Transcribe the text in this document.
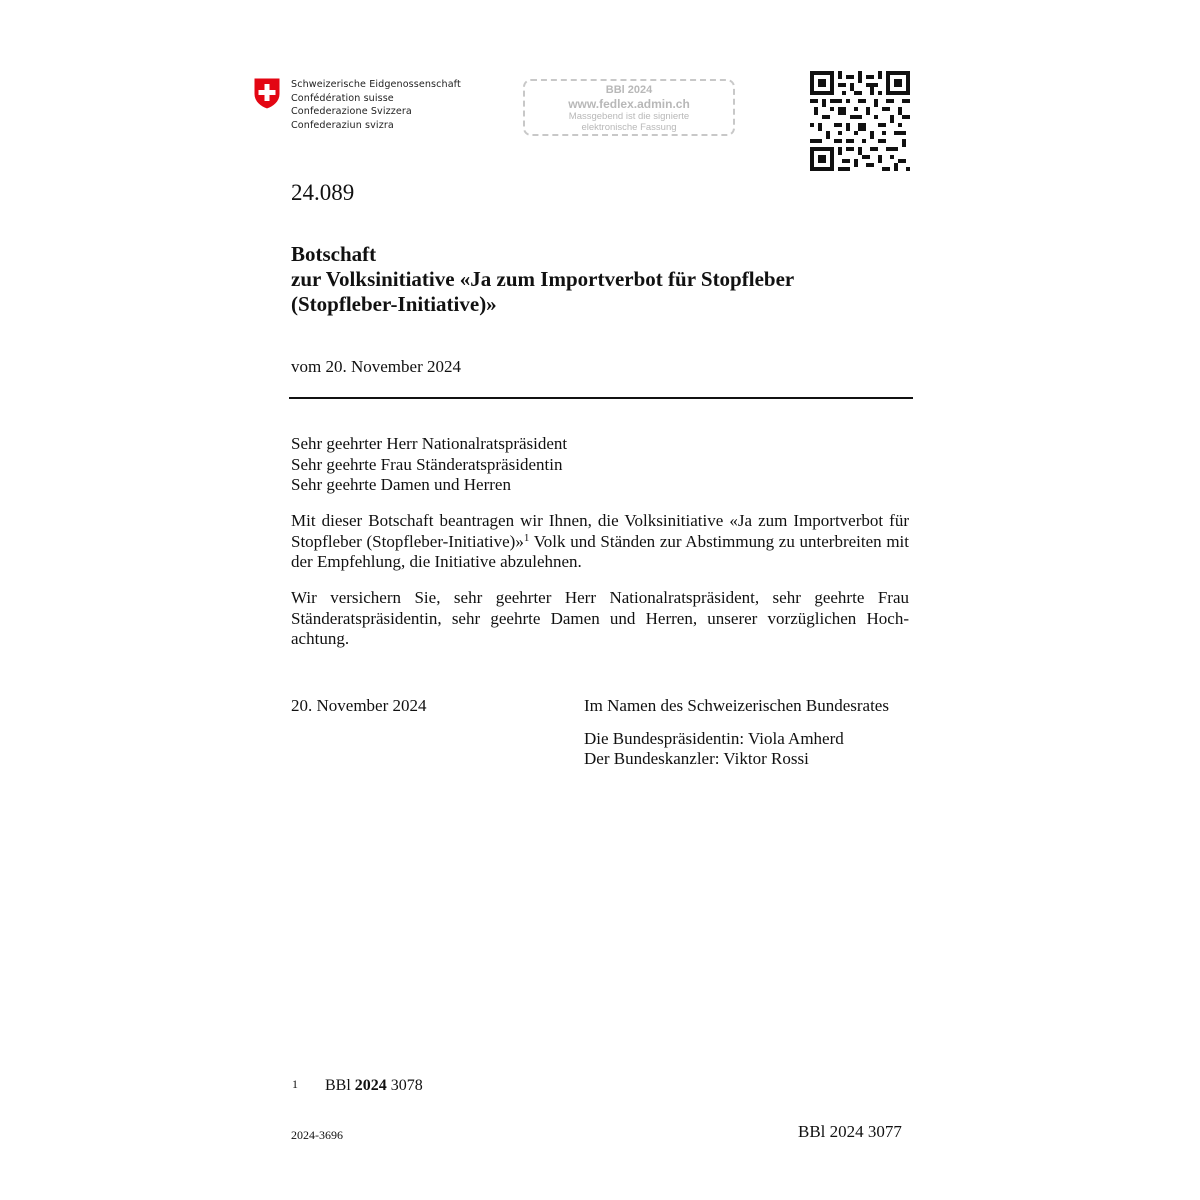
Schweizerische Eidgenossenschaft
Confédération suisse
Confederazione Svizzera
Confederaziun svizra
BBl 2024
www.fedlex.admin.ch
Massgebend ist die signierte
elektronische Fassung
24.089
Botschaft
zur Volksinitiative «Ja zum Importverbot für Stopfleber
(Stopfleber-Initiative)»
vom 20. November 2024
Sehr geehrter Herr Nationalratspräsident
Sehr geehrte Frau Ständeratspräsidentin
Sehr geehrte Damen und Herren
Mit dieser Botschaft beantragen wir Ihnen, die Volksinitiative «Ja zum Importverbot für Stopfleber (Stopfleber-Initiative)»$^1$ Volk und Ständen zur Abstimmung zu unterbreiten mit der Empfehlung, die Initiative abzulehnen.
Wir versichern Sie, sehr geehrter Herr Nationalratspräsident, sehr geehrte Frau Ständeratspräsidentin, sehr geehrte Damen und Herren, unserer vorzüglichen Hochachtung.
20. November 2024	Im Namen des Schweizerischen Bundesrates
Die Bundespräsidentin: Viola Amherd
Der Bundeskanzler: Viktor Rossi
1 BBl 2024 3078
2024-3696	BBl 2024 3077
